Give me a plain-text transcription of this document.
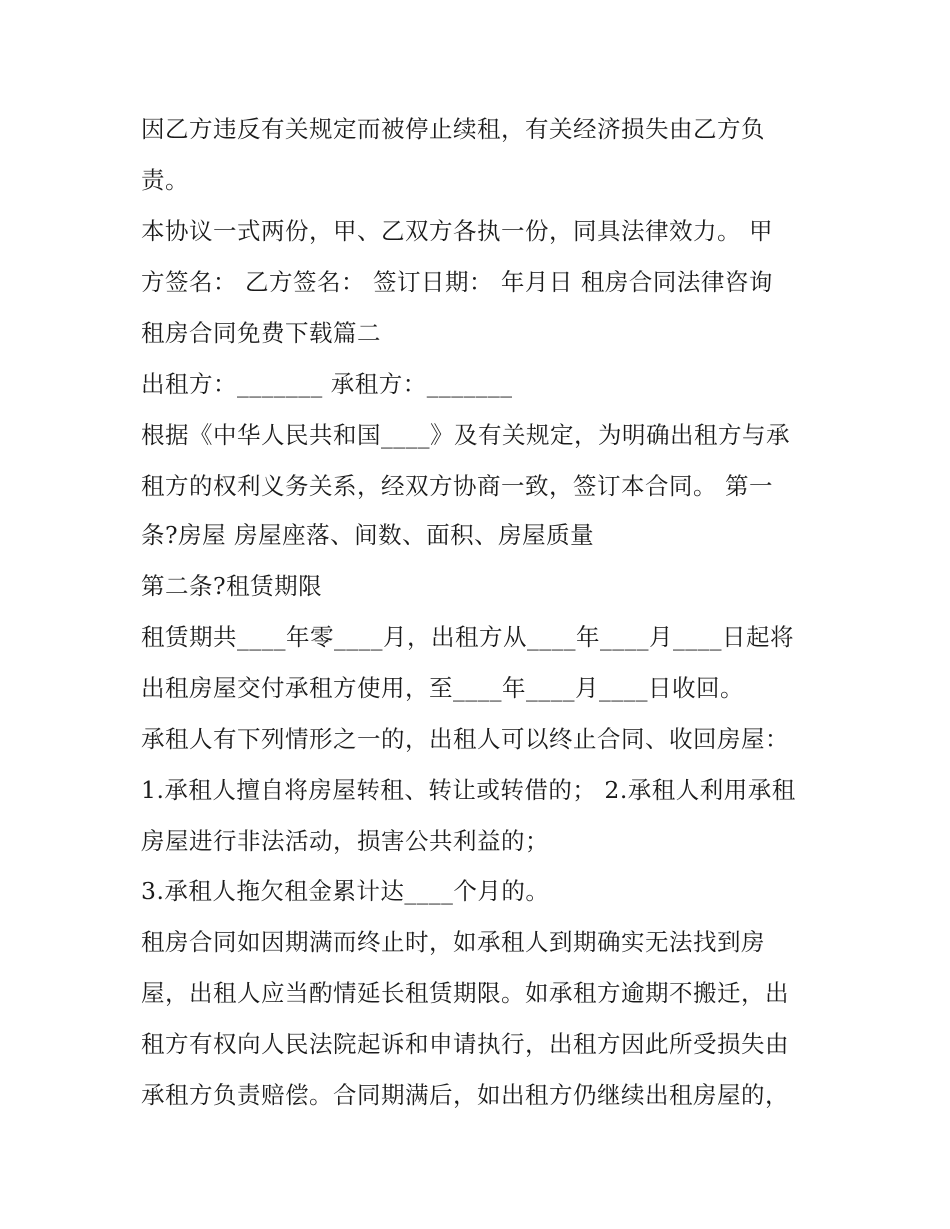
因乙方违反有关规定而被停止续租，有关经济损失由乙方负
责。
本协议一式两份，甲、乙双方各执一份，同具法律效力。 甲
方签名： 乙方签名： 签订日期： 年月日 租房合同法律咨询
租房合同免费下载篇二
出租方：_______ 承租方：_______
根据《中华人民共和国____》及有关规定，为明确出租方与承
租方的权利义务关系，经双方协商一致，签订本合同。 第一
条?房屋 房屋座落、间数、面积、房屋质量
第二条?租赁期限
租赁期共____年零____月，出租方从____年____月____日起将
出租房屋交付承租方使用，至____年____月____日收回。
承租人有下列情形之一的，出租人可以终止合同、收回房屋：
1.承租人擅自将房屋转租、转让或转借的； 2.承租人利用承租
房屋进行非法活动，损害公共利益的；
3.承租人拖欠租金累计达____个月的。
租房合同如因期满而终止时，如承租人到期确实无法找到房
屋，出租人应当酌情延长租赁期限。如承租方逾期不搬迁，出
租方有权向人民法院起诉和申请执行，出租方因此所受损失由
承租方负责赔偿。合同期满后，如出租方仍继续出租房屋的，
